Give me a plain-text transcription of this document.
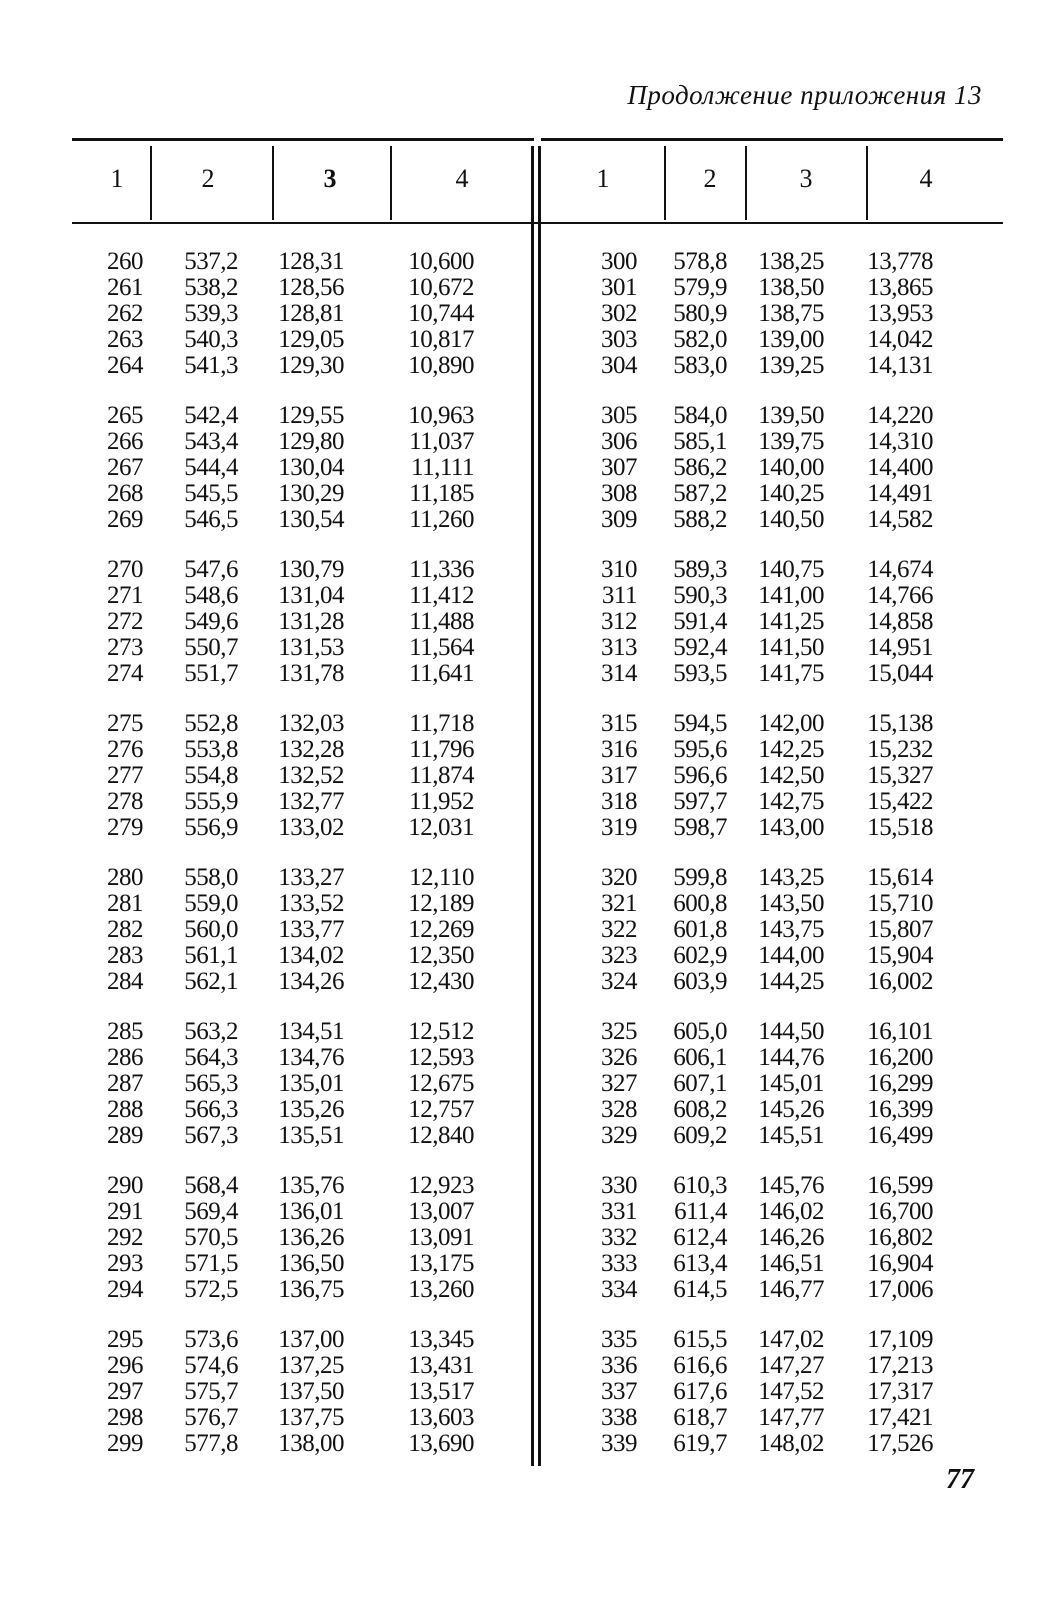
Продолжение приложения 13
1	2	3	4	1	2	3	4
260 537,2 128,31	10,600
261 538,2 128,56	10,672
262 539,3 128,81	10,744
263 540,3 129,05	10,817
264 541,3 129,30	10,890
265 542,4 129,55	10,963
266 543,4 129,80	11,037
267 544,4 130,04	11,111
268 545,5 130,29	11,185
269 546,5 130,54	11,260
270 547,6 130,79	11,336
271 548,6 131,04	11,412
272 549,6 131,28	11,488
273 550,7 131,53	11,564
274 551,7 131,78	11,641
275 552,8 132,03	11,718
276 553,8 132,28	11,796
277 554,8 132,52	11,874
278 555,9 132,77	11,952
279 556,9 133,02	12,031
280 558,0 133,27	12,110
281 559,0 133,52	12,189
282 560,0 133,77	12,269
283 561,1 134,02	12,350
284 562,1 134,26	12,430
285 563,2 134,51	12,512
286 564,3 134,76	12,593
287 565,3 135,01	12,675
288 566,3 135,26	12,757
289 567,3 135,51	12,840
290 568,4 135,76	12,923
291 569,4 136,01	13,007
292 570,5 136,26	13,091
293 571,5 136,50	13,175
294 572,5 136,75	13,260
295 573,6 137,00	13,345
296 574,6 137,25	13,431
297 575,7 137,50	13,517
298 576,7 137,75	13,603
299 577,8 138,00	13,690
300 578,8 138,25 13,778
301 579,9 138,50 13,865
302 580,9 138,75 13,953
303 582,0 139,00 14,042
304 583,0 139,25 14,131
305 584,0 139,50 14,220
306 585,1 139,75 14,310
307 586,2 140,00 14,400
308 587,2 140,25 14,491
309 588,2 140,50 14,582
310 589,3 140,75 14,674
311 590,3 141,00 14,766
312 591,4 141,25 14,858
313 592,4 141,50 14,951
314 593,5 141,75 15,044
315 594,5 142,00 15,138
316 595,6 142,25 15,232
317 596,6 142,50 15,327
318 597,7 142,75 15,422
319 598,7 143,00 15,518
320 599,8 143,25 15,614
321 600,8 143,50 15,710
322 601,8 143,75 15,807
323 602,9 144,00 15,904
324 603,9 144,25 16,002
325 605,0 144,50 16,101
326 606,1 144,76 16,200
327 607,1 145,01 16,299
328 608,2 145,26 16,399
329 609,2 145,51 16,499
330 610,3 145,76 16,599
331 611,4 146,02 16,700
332 612,4 146,26 16,802
333 613,4 146,51 16,904
334 614,5 146,77 17,006
335 615,5 147,02 17,109
336 616,6 147,27 17,213
337 617,6 147,52 17,317
338 618,7 147,77 17,421
339 619,7 148,02 17,526
77
